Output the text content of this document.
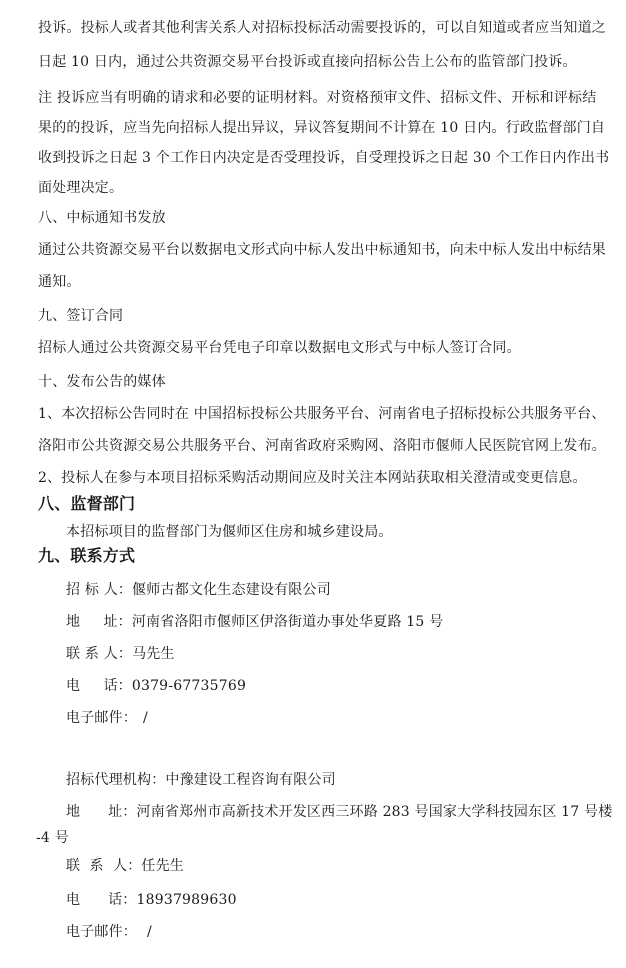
投诉。投标人或者其他利害关系人对招标投标活动需要投诉的，可以自知道或者应当知道之
日起 10 日内，通过公共资源交易平台投诉或直接向招标公告上公布的监管部门投诉。
注 投诉应当有明确的请求和必要的证明材料。对资格预审文件、招标文件、开标和评标结
果的的投诉，应当先向招标人提出异议，异议答复期间不计算在 10 日内。行政监督部门自
收到投诉之日起 3 个工作日内决定是否受理投诉，自受理投诉之日起 30 个工作日内作出书
面处理决定。
八、中标通知书发放
通过公共资源交易平台以数据电文形式向中标人发出中标通知书，向未中标人发出中标结果
通知。
九、签订合同
招标人通过公共资源交易平台凭电子印章以数据电文形式与中标人签订合同。
十、发布公告的媒体
1、本次招标公告同时在 中国招标投标公共服务平台、河南省电子招标投标公共服务平台、
洛阳市公共资源交易公共服务平台、河南省政府采购网、洛阳市偃师人民医院官网上发布。
2、投标人在参与本项目招标采购活动期间应及时关注本网站获取相关澄清或变更信息。
八、监督部门
本招标项目的监督部门为偃师区住房和城乡建设局。
九、联系方式
招 标 人：偃师古都文化生态建设有限公司
地     址：河南省洛阳市偃师区伊洛街道办事处华夏路 15 号
联 系 人：马先生
电     话：0379-67735769
电子邮件： /
招标代理机构：中豫建设工程咨询有限公司
地      址：河南省郑州市高新技术开发区西三环路 283 号国家大学科技园东区 17 号楼
-4 号
联  系  人：任先生
电      话：18937989630
电子邮件： /
